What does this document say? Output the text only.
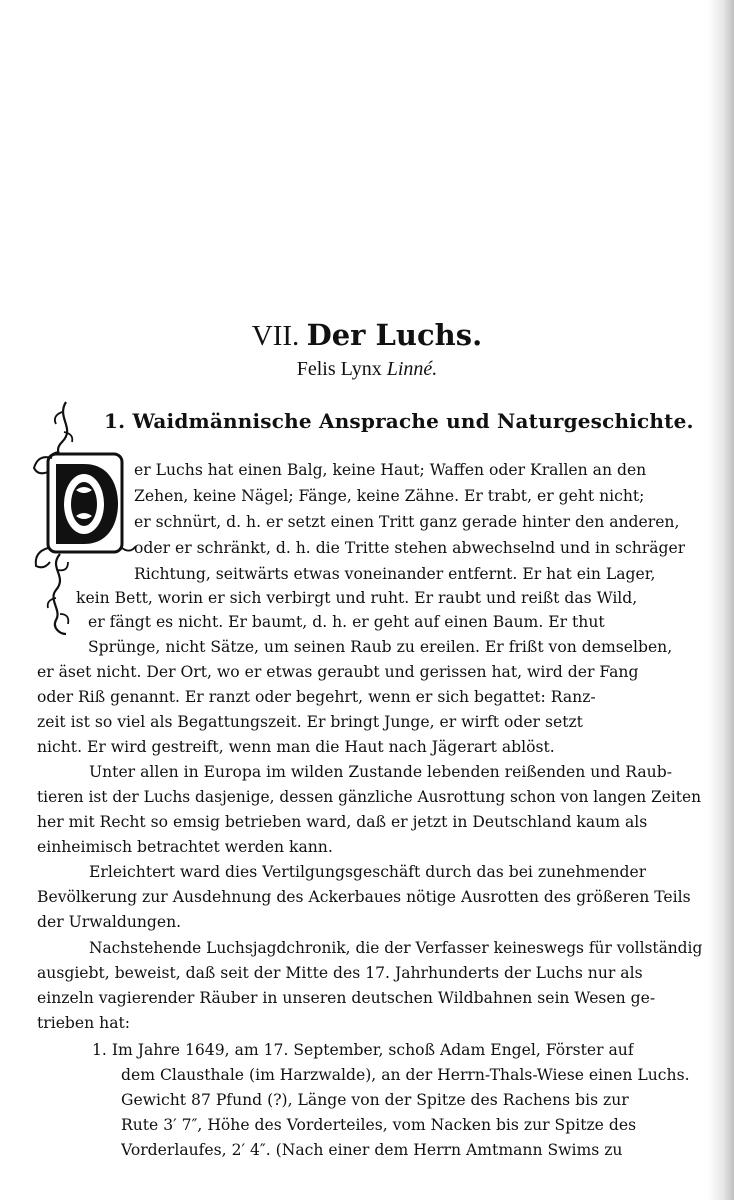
VII. Der Luchs.
Felis Lynx Linné.
1. Waidmännische Ansprache und Naturgeschichte.
er Luchs hat einen Balg, keine Haut; Waffen oder Krallen an den
Zehen, keine Nägel; Fänge, keine Zähne. Er trabt, er geht nicht;
er schnürt, d. h. er setzt einen Tritt ganz gerade hinter den anderen,
oder er schränkt, d. h. die Tritte stehen abwechselnd und in schräger
Richtung, seitwärts etwas voneinander entfernt. Er hat ein Lager,
kein Bett, worin er sich verbirgt und ruht. Er raubt und reißt das Wild,
er fängt es nicht. Er baumt, d. h. er geht auf einen Baum. Er thut
Sprünge, nicht Sätze, um seinen Raub zu ereilen. Er frißt von demselben,
er äset nicht. Der Ort, wo er etwas geraubt und gerissen hat, wird der Fang
oder Riß genannt. Er ranzt oder begehrt, wenn er sich begattet: Ranz-
zeit ist so viel als Begattungszeit. Er bringt Junge, er wirft oder setzt
nicht. Er wird gestreift, wenn man die Haut nach Jägerart ablöst.
Unter allen in Europa im wilden Zustande lebenden reißenden und Raub-
tieren ist der Luchs dasjenige, dessen gänzliche Ausrottung schon von langen Zeiten
her mit Recht so emsig betrieben ward, daß er jetzt in Deutschland kaum als
einheimisch betrachtet werden kann.
Erleichtert ward dies Vertilgungsgeschäft durch das bei zunehmender
Bevölkerung zur Ausdehnung des Ackerbaues nötige Ausrotten des größeren Teils
der Urwaldungen.
Nachstehende Luchsjagdchronik, die der Verfasser keineswegs für vollständig
ausgiebt, beweist, daß seit der Mitte des 17. Jahrhunderts der Luchs nur als
einzeln vagierender Räuber in unseren deutschen Wildbahnen sein Wesen ge-
trieben hat:
1. Im Jahre 1649, am 17. September, schoß Adam Engel, Förster auf
dem Clausthale (im Harzwalde), an der Herrn-Thals-Wiese einen Luchs.
Gewicht 87 Pfund (?), Länge von der Spitze des Rachens bis zur
Rute 3′ 7″, Höhe des Vorderteiles, vom Nacken bis zur Spitze des
Vorderlaufes, 2′ 4″. (Nach einer dem Herrn Amtmann Swims zu
